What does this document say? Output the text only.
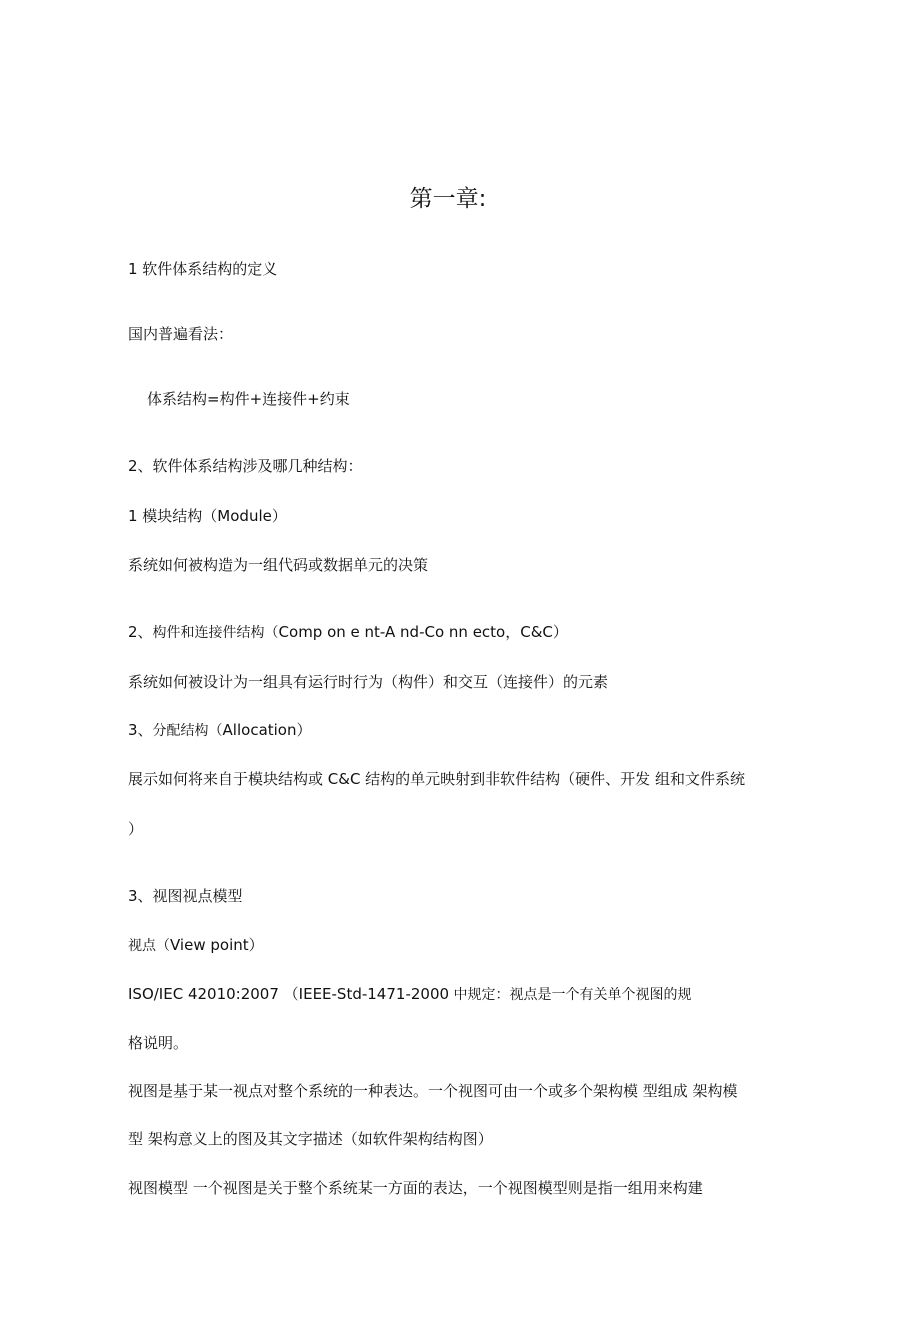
第一章:
1 软件体系结构的定义
国内普遍看法：
体系结构=构件+连接件+约束
2、软件体系结构涉及哪几种结构：
1 模块结构（Module）
系统如何被构造为一组代码或数据单元的决策
2、构件和连接件结构（Comp on e nt-A nd-Co nn ecto，C&C）
系统如何被设计为一组具有运行时行为（构件）和交互（连接件）的元素
3、分配结构（Allocation）
展示如何将来自于模块结构或 C&C 结构的单元映射到非软件结构（硬件、开发 组和文件系统
）
3、视图视点模型
视点（View point）
ISO/IEC 42010:2007 （IEEE-Std-1471-2000 中规定：视点是一个有关单个视图的规
格说明。
视图是基于某一视点对整个系统的一种表达。一个视图可由一个或多个架构模 型组成 架构模
型 架构意义上的图及其文字描述（如软件架构结构图）
视图模型 一个视图是关于整个系统某一方面的表达，一个视图模型则是指一组用来构建
